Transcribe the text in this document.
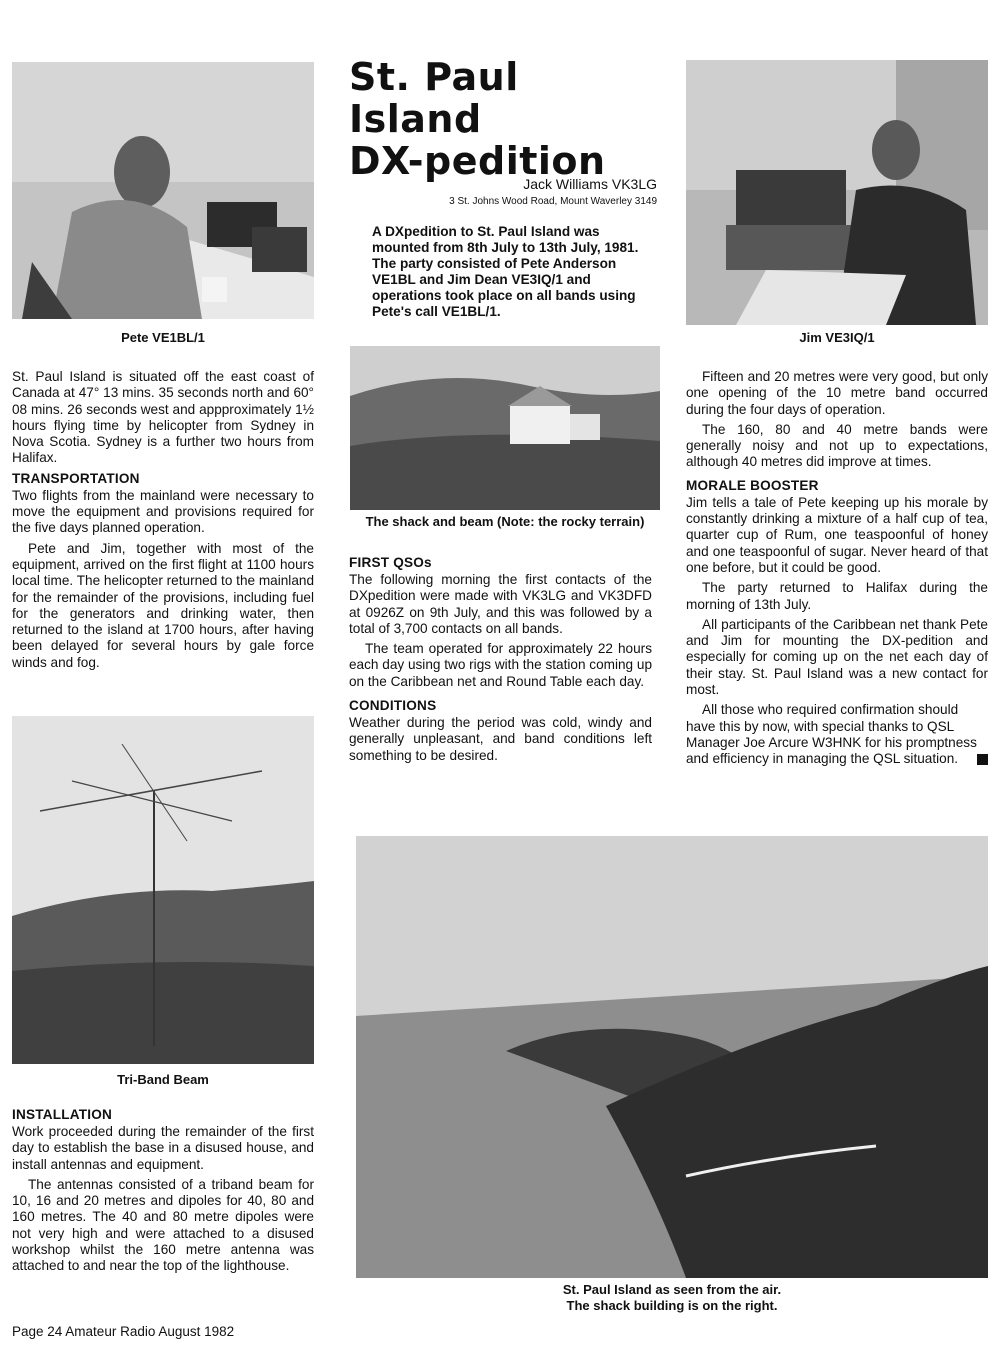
St. Paul
Island
DX-pedition
Jack Williams VK3LG
3 St. Johns Wood Road, Mount Waverley 3149
A DXpedition to St. Paul Island was mounted from 8th July to 13th July, 1981. The party consisted of Pete Anderson VE1BL and Jim Dean VE3IQ/1 and operations took place on all bands using Pete's call VE1BL/1.
Pete VE1BL/1	Jim VE3IQ/1
The shack and beam (Note: the rocky terrain)
Tri-Band Beam
St. Paul Island as seen from the air.
The shack building is on the right.

St. Paul Island is situated off the east coast of Canada at 47° 13 mins. 35 seconds north and 60° 08 mins. 26 seconds west and appproximately 1½ hours flying time by helicopter from Sydney in Nova Scotia. Sydney is a further two hours from Halifax.

TRANSPORTATION

Two flights from the mainland were necessary to move the equipment and provisions required for the five days planned operation.

Pete and Jim, together with most of the equipment, arrived on the first flight at 1100 hours local time. The helicopter returned to the mainland for the remainder of the provisions, including fuel for the generators and drinking water, then returned to the island at 1700 hours, after having been delayed for several hours by gale force winds and fog.

INSTALLATION

Work proceeded during the remainder of the first day to establish the base in a disused house, and install antennas and equipment.

The antennas consisted of a triband beam for 10, 16 and 20 metres and dipoles for 40, 80 and 160 metres. The 40 and 80 metre dipoles were not very high and were attached to a disused workshop whilst the 160 metre antenna was attached to and near the top of the lighthouse.

FIRST QSOs

The following morning the first contacts of the DXpedition were made with VK3LG and VK3DFD at 0926Z on 9th July, and this was followed by a total of 3,700 contacts on all bands.

The team operated for approximately 22 hours each day using two rigs with the station coming up on the Caribbean net and Round Table each day.

CONDITIONS

Weather during the period was cold, windy and generally unpleasant, and band conditions left something to be desired.

Fifteen and 20 metres were very good, but only one opening of the 10 metre band occurred during the four days of operation.

The 160, 80 and 40 metre bands were generally noisy and not up to expectations, although 40 metres did improve at times.

MORALE BOOSTER

Jim tells a tale of Pete keeping up his morale by constantly drinking a mixture of a half cup of tea, quarter cup of Rum, one teaspoonful of honey and one teaspoonful of sugar. Never heard of that one before, but it could be good.

The party returned to Halifax during the morning of 13th July.

All participants of the Caribbean net thank Pete and Jim for mounting the DX-pedition and especially for coming up on the net each day of their stay. St. Paul Island was a new contact for most.

All those who required confirmation should have this by now, with special thanks to QSL Manager Joe Arcure W3HNK for his promptness and efficiency in managing the QSL situation.

Page 24 Amateur Radio August 1982
